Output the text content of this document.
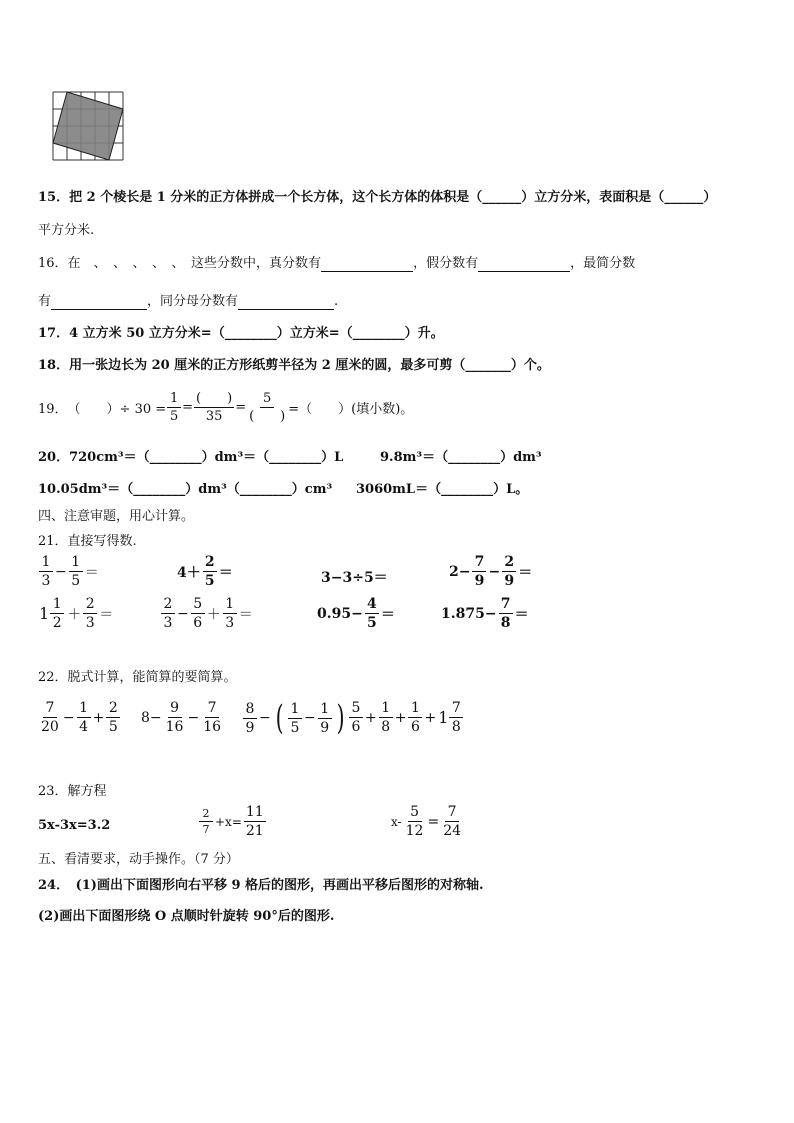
15．把 2 个棱长是 1 分米的正方体拼成一个长方体，这个长方体的体积是（______）立方分米，表面积是（______）
平方分米.
16．在　、　、　、　、　、　这些分数中，真分数有	，假分数有	，最简分数
有	，同分母分数有	.
17．4 立方米 50 立方分米=（________）立方米=（________）升。
18．用一张边长为 20 厘米的正方形纸剪半径为 2 厘米的圆，最多可剪（_______）个。
19． （　　）÷ $30 = \frac{1}{5} = \frac{( )}{35} = \frac{5}{( )}$ =（　　）(填小数)。
20．720cm³＝（________）dm³＝（________）L	9.8m³＝（________）dm³
10.05dm³＝（________）dm³（________）cm³ 3060mL＝（________）L。
四、注意审题，用心计算。
21．直接写得数.
$\frac{1}{3} - \frac{1}{5}$ ＝	$4+ \frac{2}{5}$ ＝	3−3÷5＝	$2- \frac{7}{9} - \frac{2}{9}$ ＝
$1 \frac{1}{2} + \frac{2}{3}$ ＝	$\frac{2}{3} - \frac{5}{6} + \frac{1}{3}$ ＝	$0.95- \frac{4}{5}$ ＝	$1.875- \frac{7}{8}$ ＝
22．脱式计算，能简算的要简算。
$\frac{7}{20} - \frac{1}{4} + \frac{2}{5} 8- \frac{9}{16} - \frac{7}{16} \frac{8}{9}$ − ( $\frac{1}{5} - \frac{1}{9}$ ) $\frac{5}{6} + \frac{1}{8} + \frac{1}{6} + 1 \frac{7}{8}$
23．解方程
5x-3x=3.2	$\frac{2}{7} +x= \frac{11}{21}$	$x- \frac{5}{12} = \frac{7}{24}$
五、看清要求，动手操作。（7 分）
24．　(1)画出下面图形向右平移 9 格后的图形，再画出平移后图形的对称轴.
(2)画出下面图形绕 O 点顺时针旋转 90°后的图形.
